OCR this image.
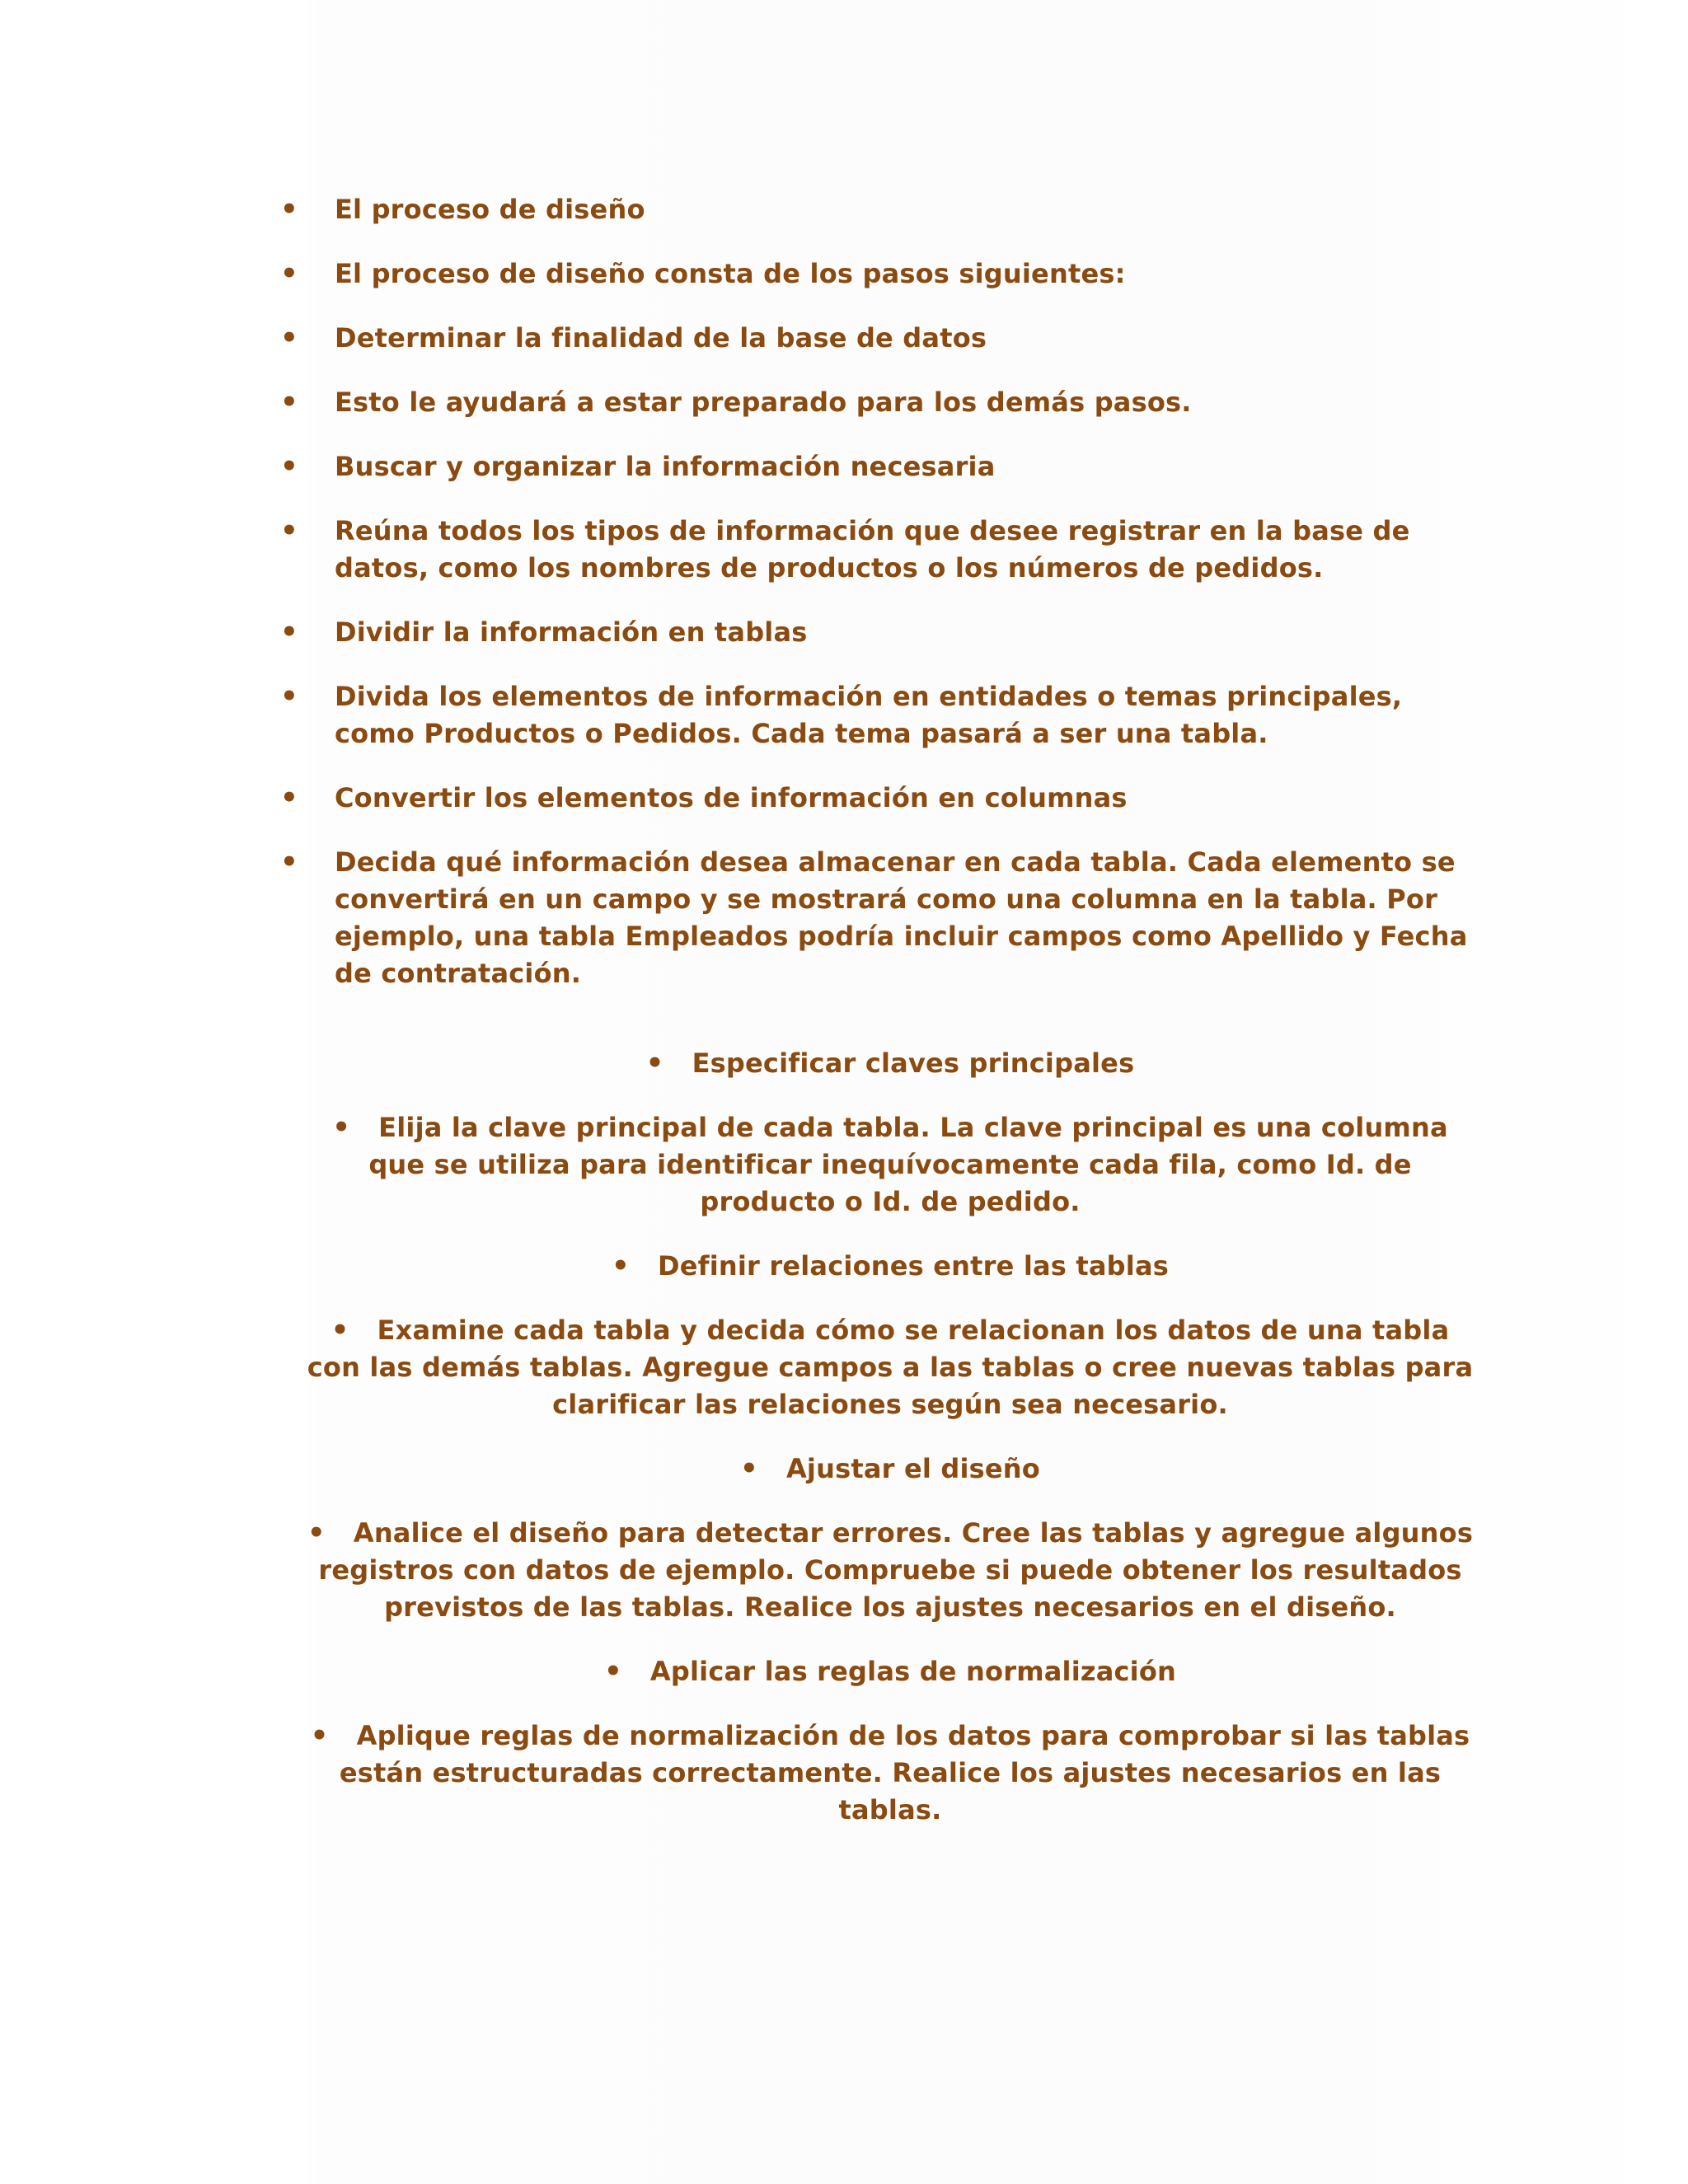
• El proceso de diseño
• El proceso de diseño consta de los pasos siguientes:
• Determinar la finalidad de la base de datos
• Esto le ayudará a estar preparado para los demás pasos.
• Buscar y organizar la información necesaria
• Reúna todos los tipos de información que desee registrar en la base de datos, como los nombres de productos o los números de pedidos.
• Dividir la información en tablas
• Divida los elementos de información en entidades o temas principales, como Productos o Pedidos. Cada tema pasará a ser una tabla.
• Convertir los elementos de información en columnas
• Decida qué información desea almacenar en cada tabla. Cada elemento se convertirá en un campo y se mostrará como una columna en la tabla. Por ejemplo, una tabla Empleados podría incluir campos como Apellido y Fecha de contratación.
• Especificar claves principales
• Elija la clave principal de cada tabla. La clave principal es una columna que se utiliza para identificar inequívocamente cada fila, como Id. de producto o Id. de pedido.
• Definir relaciones entre las tablas
• Examine cada tabla y decida cómo se relacionan los datos de una tabla con las demás tablas. Agregue campos a las tablas o cree nuevas tablas para clarificar las relaciones según sea necesario.
• Ajustar el diseño
• Analice el diseño para detectar errores. Cree las tablas y agregue algunos registros con datos de ejemplo. Compruebe si puede obtener los resultados previstos de las tablas. Realice los ajustes necesarios en el diseño.
• Aplicar las reglas de normalización
• Aplique reglas de normalización de los datos para comprobar si las tablas están estructuradas correctamente. Realice los ajustes necesarios en las tablas.
